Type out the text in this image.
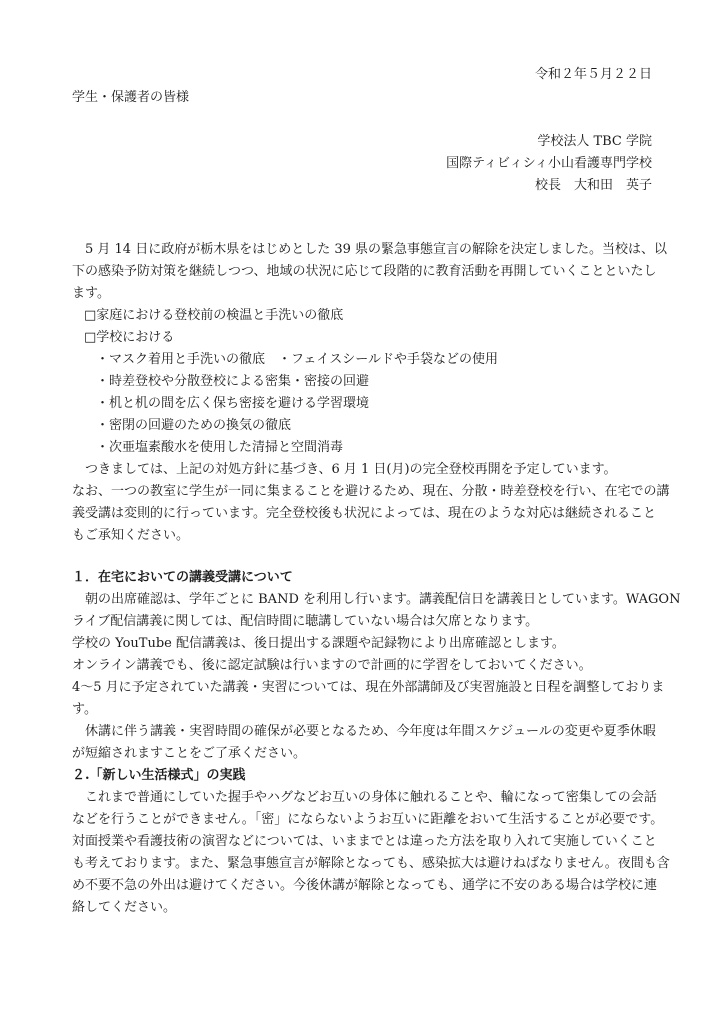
令和２年５月２２日
学生・保護者の皆様
学校法人 TBC 学院
国際ティビィシィ小山看護専門学校
校長　大和田　英子
　5 月 14 日に政府が栃木県をはじめとした 39 県の緊急事態宣言の解除を決定しました。当校は、以
下の感染予防対策を継続しつつ、地域の状況に応じて段階的に教育活動を再開していくことといたし
ます。
□家庭における登校前の検温と手洗いの徹底
□学校における
・マスク着用と手洗いの徹底　・フェイスシールドや手袋などの使用
・時差登校や分散登校による密集・密接の回避
・机と机の間を広く保ち密接を避ける学習環境
・密閉の回避のための換気の徹底
・次亜塩素酸水を使用した清掃と空間消毒
　つきましては、上記の対処方針に基づき、6 月 1 日(月)の完全登校再開を予定しています。
なお、一つの教室に学生が一同に集まることを避けるため、現在、分散・時差登校を行い、在宅での講
義受講は変則的に行っています。完全登校後も状況によっては、現在のような対応は継続されること
もご承知ください。
１．在宅においての講義受講について
　朝の出席確認は、学年ごとに BAND を利用し行います。講義配信日を講義日としています。WAGON
ライブ配信講義に関しては、配信時間に聴講していない場合は欠席となります。
学校の YouTube 配信講義は、後日提出する課題や記録物により出席確認とします。
オンライン講義でも、後に認定試験は行いますので計画的に学習をしておいてください。
4～5 月に予定されていた講義・実習については、現在外部講師及び実習施設と日程を調整しておりま
す。
　休講に伴う講義・実習時間の確保が必要となるため、今年度は年間スケジュールの変更や夏季休暇
が短縮されますことをご了承ください。
２.「新しい生活様式」の実践
　これまで普通にしていた握手やハグなどお互いの身体に触れることや、輪になって密集しての会話
などを行うことができません。「密」にならないようお互いに距離をおいて生活することが必要です。
対面授業や看護技術の演習などについては、いままでとは違った方法を取り入れて実施していくこと
も考えております。また、緊急事態宣言が解除となっても、感染拡大は避けねばなりません。夜間も含
め不要不急の外出は避けてください。今後休講が解除となっても、通学に不安のある場合は学校に連
絡してください。
